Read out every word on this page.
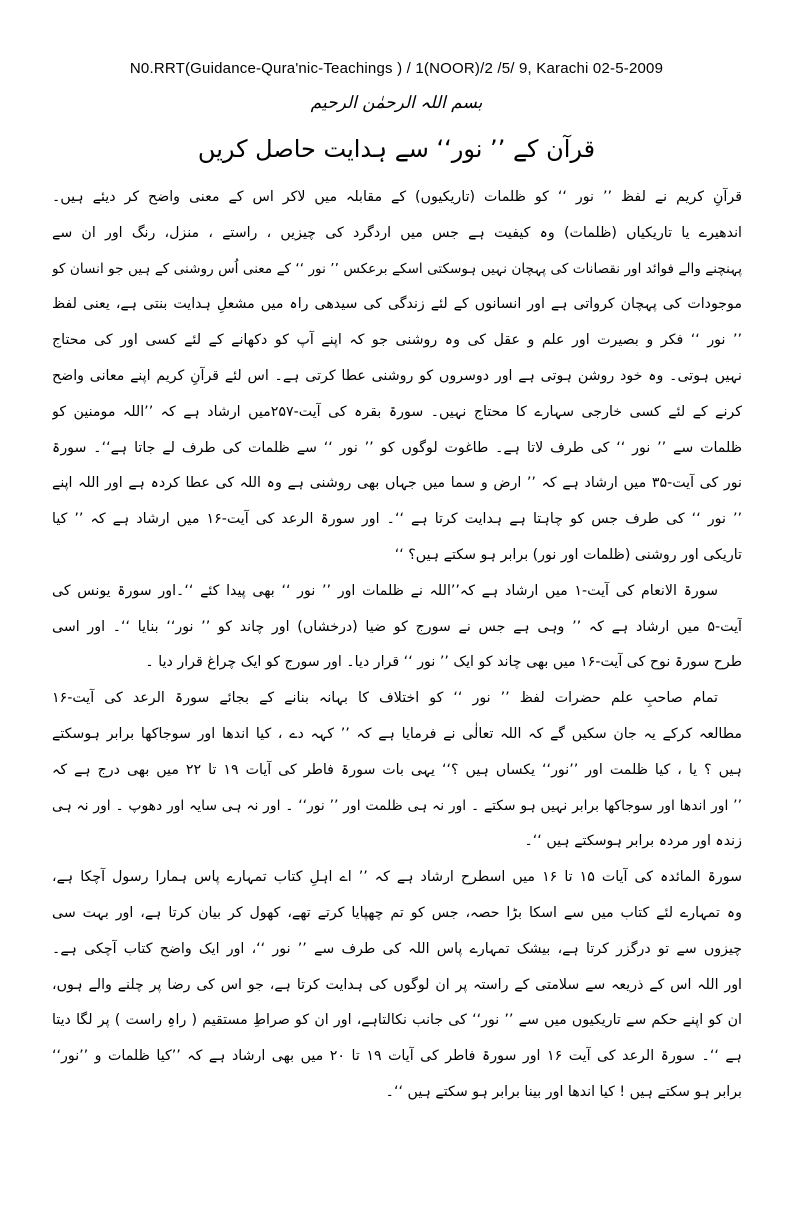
N0.RRT(Guidance-Qura'nic-Teachings ) / 1(NOOR)/2 /5/ 9, Karachi 02-5-2009
بسم اللہ الرحمٰن الرحیم
قرآن کے ’’ نور‘‘ سے ہدایت حاصل کریں
قرآنِ کریم نے لفظ ’’ نور ‘‘ کو ظلمات (تاریکیوں) کے مقابلہ میں لاکر اس کے معنی واضح کر دیئے ہیں۔
اندھیرے یا تاریکیاں (ظلمات) وہ کیفیت ہے جس میں اردگرد کی چیزیں ، راستے ، منزل، رنگ اور ان سے
پہنچنے والے فوائد اور نقصانات کی پہچان نہیں ہوسکتی اسکے برعکس ’’ نور ‘‘ کے معنی اُس روشنی کے ہیں جو انسان کو
موجودات کی پہچان کرواتی ہے اور انسانوں کے لئے زندگی کی سیدھی راہ میں مشعلِ ہدایت بنتی ہے، یعنی لفظ
’’ نور ‘‘ فکر و بصیرت اور علم و عقل کی وہ روشنی جو کہ اپنے آپ کو دکھانے کے لئے کسی اور کی محتاج
نہیں ہوتی۔ وہ خود روشن ہوتی ہے اور دوسروں کو روشنی عطا کرتی ہے۔ اس لئے قرآنِ کریم اپنے معانی واضح
کرنے کے لئے کسی خارجی سہارے کا محتاج نہیں۔ سورۃ بقرہ کی آیت-۲۵۷میں ارشاد ہے کہ ’’اللہ مومنین کو
ظلمات سے ’’ نور ‘‘ کی طرف لاتا ہے۔ طاغوت لوگوں کو ’’ نور ‘‘ سے ظلمات کی طرف لے جاتا ہے‘‘۔ سورۃ
نور کی آیت-۳۵ میں ارشاد ہے کہ ’’ ارض و سما میں جہاں بھی روشنی ہے وہ اللہ کی عطا کردہ ہے اور اللہ اپنے
’’ نور ‘‘ کی طرف جس کو چاہتا ہے ہدایت کرتا ہے ‘‘۔ اور سورۃ الرعد کی آیت-۱۶ میں ارشاد ہے کہ ’’ کیا
تاریکی اور روشنی (ظلمات اور نور) برابر ہو سکتے ہیں؟ ‘‘
سورۃ الانعام کی آیت-۱ میں ارشاد ہے کہ’’اللہ نے ظلمات اور ’’ نور ‘‘ بھی پیدا کئے ‘‘۔اور سورۃ یونس کی
آیت-۵ میں ارشاد ہے کہ ’’ وہی ہے جس نے سورج کو ضیا (درخشاں) اور چاند کو ’’ نور‘‘ بنایا ‘‘۔ اور اسی
طرح سورۃ نوح کی آیت-۱۶ میں بھی چاند کو ایک ’’ نور ‘‘ قرار دیا۔ اور سورج کو ایک چراغ قرار دیا ۔
تمام صاحبِ علم حضرات لفظ ’’ نور ‘‘ کو اختلاف کا بہانہ بنانے کے بجائے سورۃ الرعد کی آیت-۱۶
مطالعہ کرکے یہ جان سکیں گے کہ اللہ تعالٰی نے فرمایا ہے کہ ’’ کہہ دے ، کیا اندھا اور سوجاکھا برابر ہوسکتے
ہیں ؟ یا ، کیا ظلمت اور ’’نور‘‘ یکساں ہیں ؟‘‘ یہی بات سورۃ فاطر کی آیات ۱۹ تا ۲۲ میں بھی درج ہے کہ
’’ اور اندھا اور سوجاکھا برابر نہیں ہو سکتے ۔ اور نہ ہی ظلمت اور ’’ نور‘‘ ۔ اور نہ ہی سایہ اور دھوپ ۔ اور نہ ہی
زندہ اور مردہ برابر ہوسکتے ہیں ‘‘۔
سورۃ المائدہ کی آیات ۱۵ تا ۱۶ میں اسطرح ارشاد ہے کہ ’’ اے اہلِ کتاب تمہارے پاس ہمارا رسول آچکا ہے،
وہ تمہارے لئے کتاب میں سے اسکا بڑا حصہ، جس کو تم چھپایا کرتے تھے، کھول کر بیان کرتا ہے، اور بہت سی
چیزوں سے تو درگزر کرتا ہے، بیشک تمہارے پاس اللہ کی طرف سے ’’ نور ‘‘، اور ایک واضح کتاب آچکی ہے۔
اور اللہ اس کے ذریعہ سے سلامتی کے راستہ پر ان لوگوں کی ہدایت کرتا ہے، جو اس کی رضا پر چلنے والے ہوں،
ان کو اپنے حکم سے تاریکیوں میں سے ’’ نور‘‘ کی جانب نکالتاہے، اور ان کو صراطِ مستقیم ( راہِ راست ) پر لگا دیتا
ہے ‘‘۔ سورۃ الرعد کی آیت ۱۶ اور سورۃ فاطر کی آیات ۱۹ تا ۲۰ میں بھی ارشاد ہے کہ ’’کیا ظلمات و ’’نور‘‘
برابر ہو سکتے ہیں ! کیا اندھا اور بینا برابر ہو سکتے ہیں ‘‘۔
